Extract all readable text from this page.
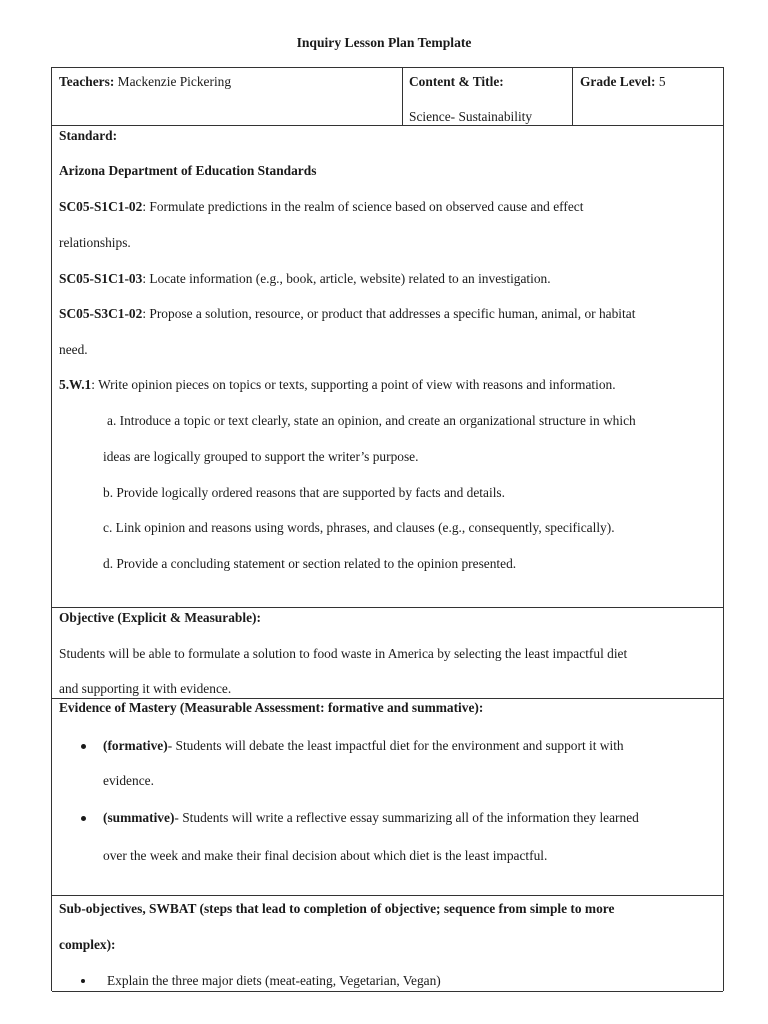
Inquiry Lesson Plan Template
Teachers: Mackenzie Pickering	Content & Title:
Science- Sustainability
Grade Level: 5
Standard:
Arizona Department of Education Standards
SC05-S1C1-02: Formulate predictions in the realm of science based on observed cause and effect
relationships.
SC05-S1C1-03: Locate information (e.g., book, article, website) related to an investigation.
SC05-S3C1-02: Propose a solution, resource, or product that addresses a specific human, animal, or habitat
need.
5.W.1: Write opinion pieces on topics or texts, supporting a point of view with reasons and information.
a. Introduce a topic or text clearly, state an opinion, and create an organizational structure in which
ideas are logically grouped to support the writer’s purpose.
b. Provide logically ordered reasons that are supported by facts and details.
c. Link opinion and reasons using words, phrases, and clauses (e.g., consequently, specifically).
d. Provide a concluding statement or section related to the opinion presented.
Objective (Explicit & Measurable):
Students will be able to formulate a solution to food waste in America by selecting the least impactful diet
and supporting it with evidence.
Evidence of Mastery (Measurable Assessment: formative and summative):
(formative)- Students will debate the least impactful diet for the environment and support it with
evidence.
(summative)- Students will write a reflective essay summarizing all of the information they learned
over the week and make their final decision about which diet is the least impactful.
Sub-objectives, SWBAT (steps that lead to completion of objective; sequence from simple to more
complex):
Explain the three major diets (meat-eating, Vegetarian, Vegan)
